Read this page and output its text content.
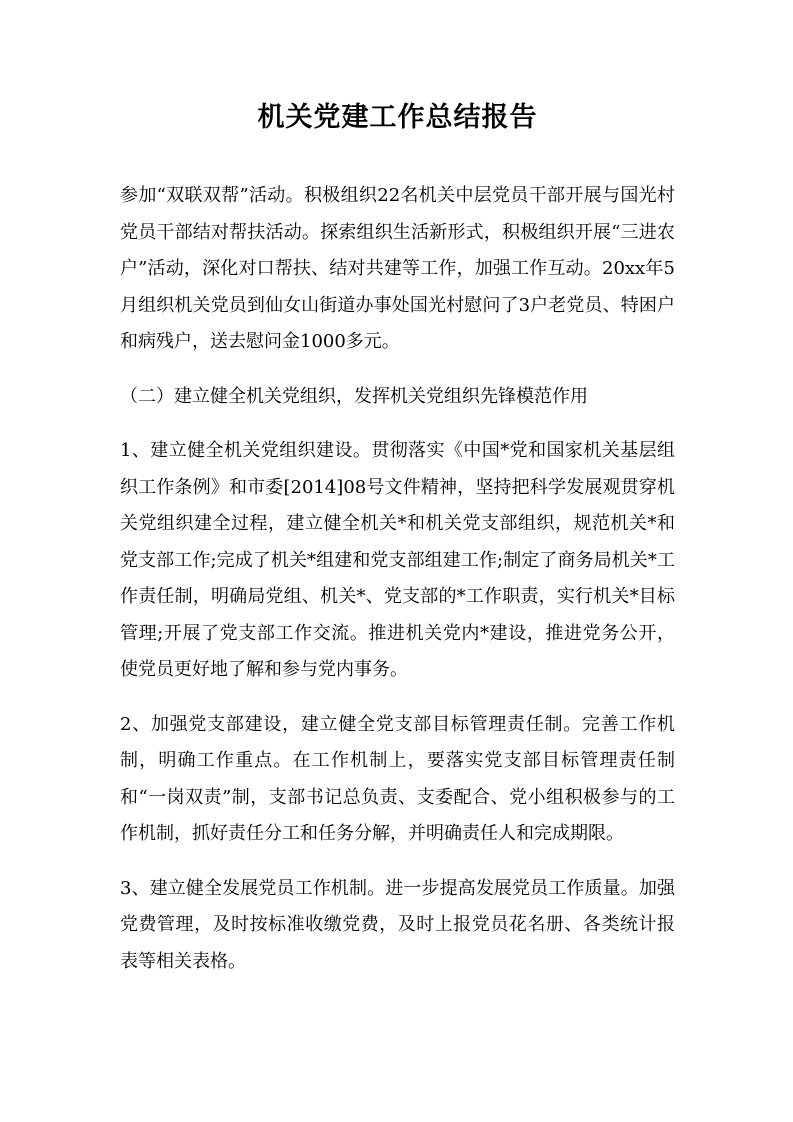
机关党建工作总结报告

参加“双联双帮”活动。积极组织22名机关中层党员干部开展与国光村党员干部结对帮扶活动。探索组织生活新形式，积极组织开展“三进农户”活动，深化对口帮扶、结对共建等工作，加强工作互动。20xx年5月组织机关党员到仙女山街道办事处国光村慰问了3户老党员、特困户和病残户，送去慰问金1000多元。

（二）建立健全机关党组织，发挥机关党组织先锋模范作用

1、建立健全机关党组织建设。贯彻落实《中国*党和国家机关基层组织工作条例》和市委[2014]08号文件精神，坚持把科学发展观贯穿机关党组织建全过程，建立健全机关*和机关党支部组织，规范机关*和党支部工作;完成了机关*组建和党支部组建工作;制定了商务局机关*工作责任制，明确局党组、机关*、党支部的*工作职责，实行机关*目标管理;开展了党支部工作交流。推进机关党内*建设，推进党务公开，使党员更好地了解和参与党内事务。

2、加强党支部建设，建立健全党支部目标管理责任制。完善工作机制，明确工作重点。在工作机制上，要落实党支部目标管理责任制和“一岗双责”制，支部书记总负责、支委配合、党小组积极参与的工作机制，抓好责任分工和任务分解，并明确责任人和完成期限。

3、建立健全发展党员工作机制。进一步提高发展党员工作质量。加强党费管理，及时按标准收缴党费，及时上报党员花名册、各类统计报表等相关表格。
